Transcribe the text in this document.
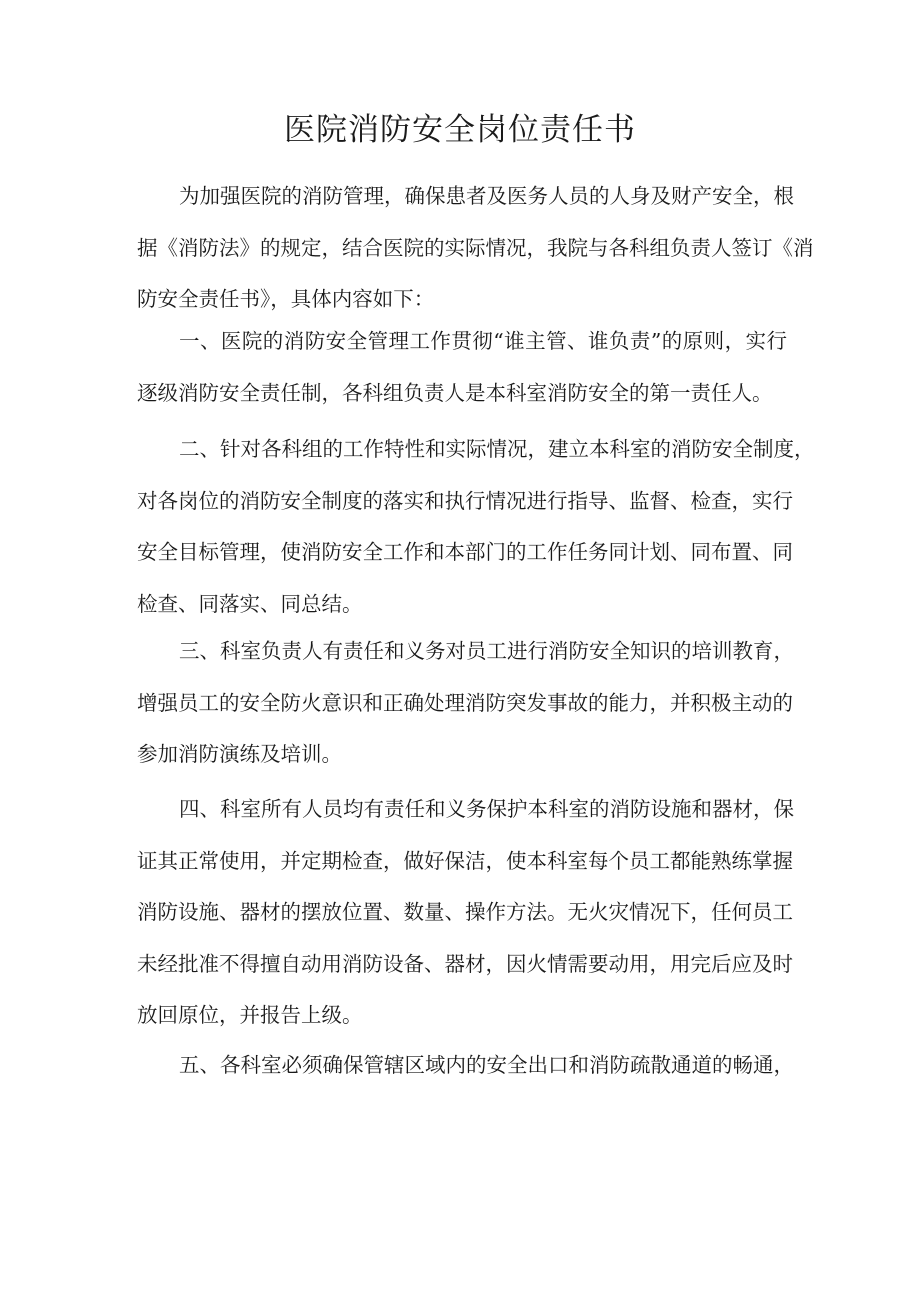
医院消防安全岗位责任书
为加强医院的消防管理，确保患者及医务人员的人身及财产安全，根
据《消防法》的规定，结合医院的实际情况，我院与各科组负责人签订《消
防安全责任书》，具体内容如下：
一、医院的消防安全管理工作贯彻“谁主管、谁负责”的原则，实行
逐级消防安全责任制，各科组负责人是本科室消防安全的第一责任人。
二、针对各科组的工作特性和实际情况，建立本科室的消防安全制度，
对各岗位的消防安全制度的落实和执行情况进行指导、监督、检查，实行
安全目标管理，使消防安全工作和本部门的工作任务同计划、同布置、同
检查、同落实、同总结。
三、科室负责人有责任和义务对员工进行消防安全知识的培训教育，
增强员工的安全防火意识和正确处理消防突发事故的能力，并积极主动的
参加消防演练及培训。
四、科室所有人员均有责任和义务保护本科室的消防设施和器材，保
证其正常使用，并定期检查，做好保洁，使本科室每个员工都能熟练掌握
消防设施、器材的摆放位置、数量、操作方法。无火灾情况下，任何员工
未经批准不得擅自动用消防设备、器材，因火情需要动用，用完后应及时
放回原位，并报告上级。
五、各科室必须确保管辖区域内的安全出口和消防疏散通道的畅通，
